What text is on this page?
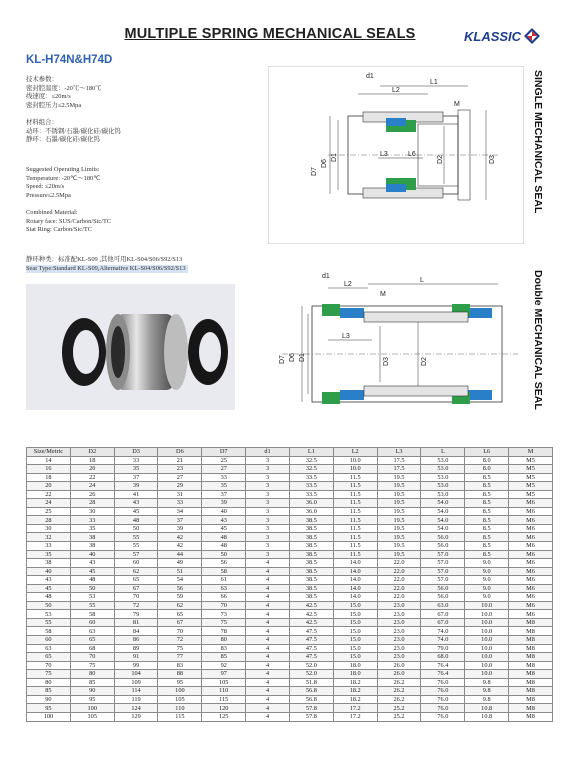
MULTIPLE SPRING MECHANICAL SEALS	KLASSIC
KL-H74N&H74D
技术参数：
密封腔温度：-20℃～180℃
线速度：≤20m/s
密封腔压力≤2.5Mpa
材料组合：
动环：不锈钢/石墨/碳化硅/碳化钨
静环：石墨/碳化硅/碳化钨
Suggested Operating Limits:
Temperature: -20℃～180℃
Speed: ≤20m/s
Pressure≤2.5Mpa
Combined Material:
Rotary face: SUS/Carbon/Sic/TC
Stat Ring: Carbon/Sic/TC
静环种类：标准配KL-S09 ,其他可用KL-S04/S06/S92/S13
Seat Type:Standard KL-S09,Alternative KL-S04/S06/S92/S13
d1
L2
L1
M
L3	L6
D7
D6
D1	D2	D3	SINGLE MECHANICAL SEAL
d1
L2
L
M
L3
D3	D2
D7 D6 D1	Double MECHANICAL SEAL
Size/Metric	D2	D3	D6	D7	d1	L1	L2	L3	L	L6	M
14	18	33	21	25	3	32.5	10.0	17.5	53.0	8.0	M5
16	20	35	23	27	3	32.5	10.0	17.5	53.0	8.0	M5
18	22	37	27	33	3	33.5	11.5	19.5	53.0	8.5	M5
20	24	39	29	35	3	33.5	11.5	19.5	53.0	8.5	M5
22	26	41	31	37	3	33.5	11.5	19.5	53.0	8.5	M5
24	28	43	33	39	3	36.0	11.5	19.5	54.0	8.5	M6
25	30	45	34	40	3	36.0	11.5	19.5	54.0	8.5	M6
28	33	48	37	43	3	38.5	11.5	19.5	54.0	8.5	M6
30	35	50	39	45	3	38.5	11.5	19.5	54.0	8.5	M6
32	38	55	42	48	3	38.5	11.5	19.5	56.0	8.5	M6
33	38	55	42	48	3	38.5	11.5	19.5	56.0	8.5	M6
35	40	57	44	50	3	38.5	11.5	19.5	57.0	8.5	M6
38	43	60	49	56	4	38.5	14.0	22.0	57.0	9.0	M6
40	45	62	51	58	4	38.5	14.0	22.0	57.0	9.0	M6
43	48	65	54	61	4	38.5	14.0	22.0	57.0	9.0	M6
45	50	67	56	63	4	38.5	14.0	22.0	56.0	9.0	M6
48	53	70	59	66	4	38.5	14.0	22.0	56.0	9.0	M6
50	55	72	62	70	4	42.5	15.0	23.0	63.0	10.0	M6
53	58	79	65	73	4	42.5	15.0	23.0	67.0	10.0	M6
55	60	81	67	75	4	42.5	15.0	23.0	67.0	10.0	M8
58	63	84	70	78	4	47.5	15.0	23.0	74.0	10.0	M8
60	65	86	72	80	4	47.5	15.0	23.0	74.0	10.0	M8
63	68	89	75	83	4	47.5	15.0	23.0	79.0	10.0	M8
65	70	91	77	85	4	47.5	15.0	23.0	68.0	10.0	M8
70	75	99	83	92	4	52.0	18.0	26.0	76.4	10.0	M8
75	80	104	88	97	4	52.0	18.0	26.0	76.4	10.0	M8
80	85	109	95	105	4	51.8	18.2	26.2	76.0	9.8	M8
85	90	114	100	110	4	56.8	18.2	26.2	76.0	9.8	M8
90	95	119	105	115	4	56.8	18.2	26.2	76.0	9.8	M8
95	100	124	110	120	4	57.8	17.2	25.2	76.0	10.8	M8
100	105	129	115	125	4	57.8	17.2	25.2	76.0	10.8	M8
